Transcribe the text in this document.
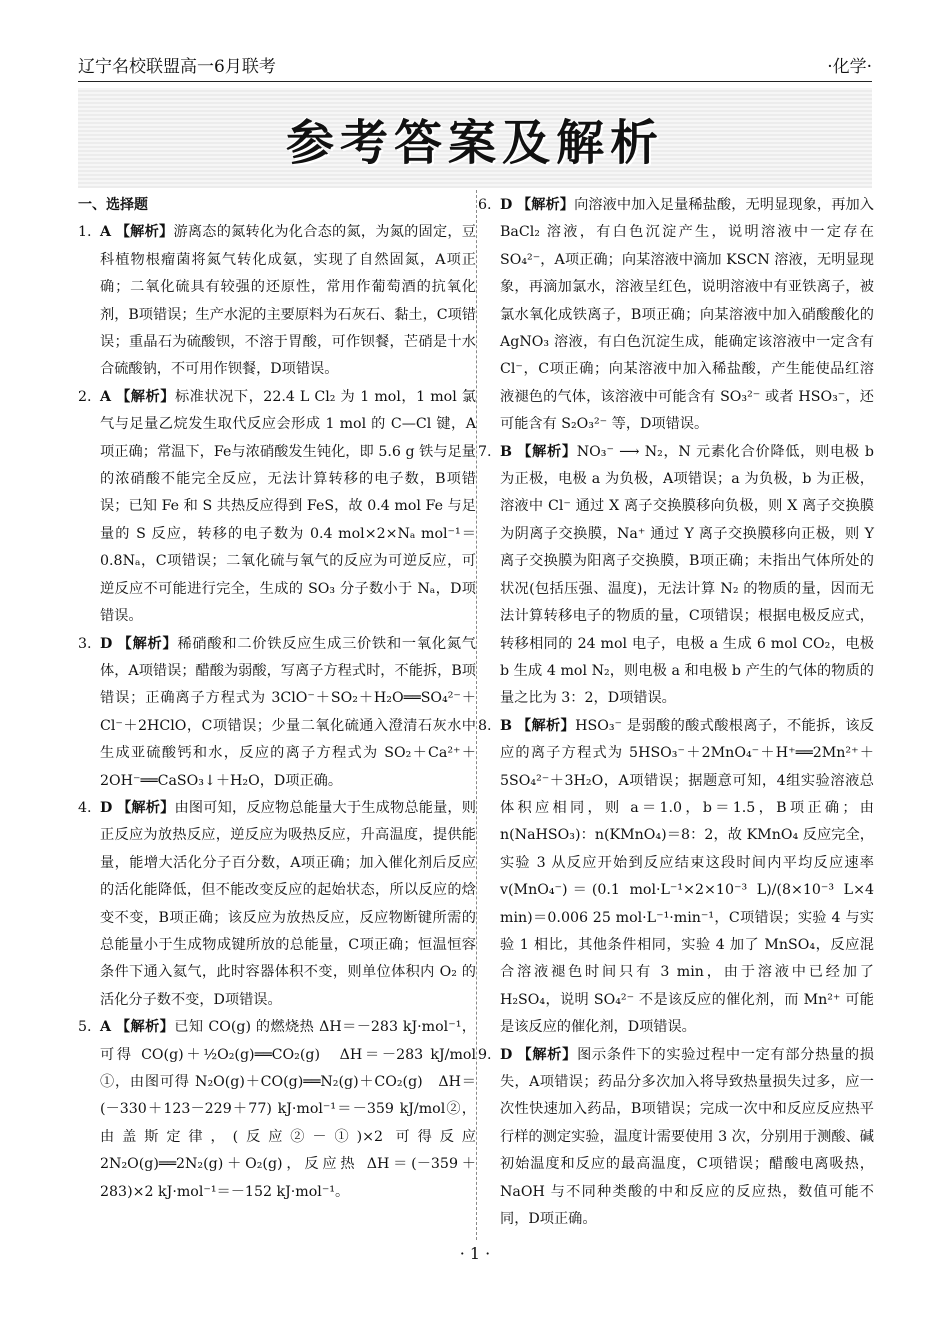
辽宁名校联盟高一6月联考	·化学·
参考答案及解析

一、选择题

1. A 【解析】游离态的氮转化为化合态的氮，为氮的固定，豆科植物根瘤菌将氮气转化成氨，实现了自然固氮，A项正确；二氧化硫具有较强的还原性，常用作葡萄酒的抗氧化剂，B项错误；生产水泥的主要原料为石灰石、黏土，C项错误；重晶石为硫酸钡，不溶于胃酸，可作钡餐，芒硝是十水合硫酸钠，不可用作钡餐，D项错误。
2. A 【解析】标准状况下，22.4 L Cl₂ 为 1 mol，1 mol 氯气与足量乙烷发生取代反应会形成 1 mol 的 C—Cl 键，A项正确；常温下，Fe与浓硝酸发生钝化，即 5.6 g 铁与足量的浓硝酸不能完全反应，无法计算转移的电子数，B项错误；已知 Fe 和 S 共热反应得到 FeS，故 0.4 mol Fe 与足量的 S 反应，转移的电子数为 0.4 mol×2×Nₐ mol⁻¹＝0.8Nₐ，C项错误；二氧化硫与氧气的反应为可逆反应，可逆反应不可能进行完全，生成的 SO₃ 分子数小于 Nₐ，D项错误。
3. D 【解析】稀硝酸和二价铁反应生成三价铁和一氧化氮气体，A项错误；醋酸为弱酸，写离子方程式时，不能拆，B项错误；正确离子方程式为 3ClO⁻＋SO₂＋H₂O══SO₄²⁻＋Cl⁻＋2HClO，C项错误；少量二氧化硫通入澄清石灰水中生成亚硫酸钙和水，反应的离子方程式为 SO₂＋Ca²⁺＋2OH⁻══CaSO₃↓＋H₂O，D项正确。
4. D 【解析】由图可知，反应物总能量大于生成物总能量，则正反应为放热反应，逆反应为吸热反应，升高温度，提供能量，能增大活化分子百分数，A项正确；加入催化剂后反应的活化能降低，但不能改变反应的起始状态，所以反应的焓变不变，B项正确；该反应为放热反应，反应物断键所需的总能量小于生成物成键所放的总能量，C项正确；恒温恒容条件下通入氦气，此时容器体积不变，则单位体积内 O₂ 的活化分子数不变，D项错误。
5. A 【解析】已知 CO(g) 的燃烧热 ΔH＝－283 kJ·mol⁻¹，可得 CO(g)＋½O₂(g)══CO₂(g)　ΔH＝－283 kJ/mol ①，由图可得 N₂O(g)＋CO(g)══N₂(g)＋CO₂(g)　ΔH＝(－330＋123－229＋77) kJ·mol⁻¹＝－359 kJ/mol②，由盖斯定律，(反应②－①)×2 可得反应 2N₂O(g)══2N₂(g)＋O₂(g)，反应热 ΔH＝(－359＋283)×2 kJ·mol⁻¹＝－152 kJ·mol⁻¹。
6. D 【解析】向溶液中加入足量稀盐酸，无明显现象，再加入 BaCl₂ 溶液，有白色沉淀产生，说明溶液中一定存在 SO₄²⁻，A项正确；向某溶液中滴加 KSCN 溶液，无明显现象，再滴加氯水，溶液呈红色，说明溶液中有亚铁离子，被氯水氧化成铁离子，B项正确；向某溶液中加入硝酸酸化的 AgNO₃ 溶液，有白色沉淀生成，能确定该溶液中一定含有 Cl⁻，C项正确；向某溶液中加入稀盐酸，产生能使品红溶液褪色的气体，该溶液中可能含有 SO₃²⁻ 或者 HSO₃⁻，还可能含有 S₂O₃²⁻ 等，D项错误。
7. B 【解析】NO₃⁻ ⟶ N₂，N 元素化合价降低，则电极 b 为正极，电极 a 为负极，A项错误；a 为负极，b 为正极，溶液中 Cl⁻ 通过 X 离子交换膜移向负极，则 X 离子交换膜为阴离子交换膜，Na⁺ 通过 Y 离子交换膜移向正极，则 Y 离子交换膜为阳离子交换膜，B项正确；未指出气体所处的状况(包括压强、温度)，无法计算 N₂ 的物质的量，因而无法计算转移电子的物质的量，C项错误；根据电极反应式，转移相同的 24 mol 电子，电极 a 生成 6 mol CO₂，电极 b 生成 4 mol N₂，则电极 a 和电极 b 产生的气体的物质的量之比为 3：2，D项错误。
8. B 【解析】HSO₃⁻ 是弱酸的酸式酸根离子，不能拆，该反应的离子方程式为 5HSO₃⁻＋2MnO₄⁻＋H⁺══2Mn²⁺＋5SO₄²⁻＋3H₂O，A项错误；据题意可知，4组实验溶液总体积应相同，则 a＝1.0，b＝1.5，B项正确；由 n(NaHSO₃)：n(KMnO₄)＝8：2，故 KMnO₄ 反应完全，实验 3 从反应开始到反应结束这段时间内平均反应速率 v(MnO₄⁻)＝(0.1 mol·L⁻¹×2×10⁻³ L)/(8×10⁻³ L×4 min)＝0.006 25 mol·L⁻¹·min⁻¹，C项错误；实验 4 与实验 1 相比，其他条件相同，实验 4 加了 MnSO₄，反应混合溶液褪色时间只有 3 min，由于溶液中已经加了 H₂SO₄，说明 SO₄²⁻ 不是该反应的催化剂，而 Mn²⁺ 可能是该反应的催化剂，D项错误。
9. D 【解析】图示条件下的实验过程中一定有部分热量的损失，A项错误；药品分多次加入将导致热量损失过多，应一次性快速加入药品，B项错误；完成一次中和反应反应热平行样的测定实验，温度计需要使用 3 次，分别用于测酸、碱初始温度和反应的最高温度，C项错误；醋酸电离吸热，NaOH 与不同种类酸的中和反应的反应热，数值可能不同，D项正确。
· 1 ·
